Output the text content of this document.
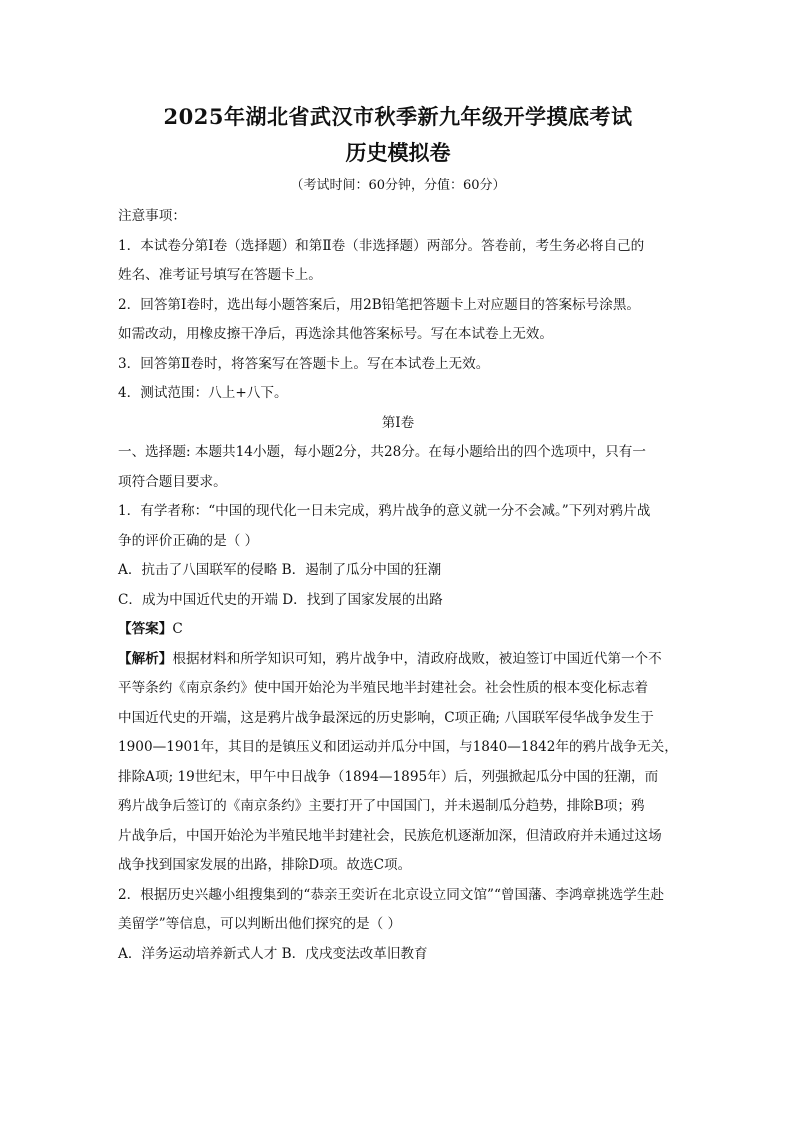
2025年湖北省武汉市秋季新九年级开学摸底考试
历史模拟卷
（考试时间：60分钟，分值：60分）

注意事项：

1．本试卷分第Ⅰ卷（选择题）和第Ⅱ卷（非选择题）两部分。答卷前，考生务必将自己的

姓名、准考证号填写在答题卡上。

2．回答第Ⅰ卷时，选出每小题答案后，用2B铅笔把答题卡上对应题目的答案标号涂黑。

如需改动，用橡皮擦干净后，再选涂其他答案标号。写在本试卷上无效。

3．回答第Ⅱ卷时，将答案写在答题卡上。写在本试卷上无效。

4．测试范围：八上+八下。

第Ⅰ卷

一、选择题: 本题共14小题，每小题2分，共28分。在每小题给出的四个选项中，只有一

项符合题目要求。

1．有学者称：“中国的现代化一日未完成，鸦片战争的意义就一分不会减。”下列对鸦片战

争的评价正确的是（ ）

A．抗击了八国联军的侵略 B．遏制了瓜分中国的狂潮

C．成为中国近代史的开端 D．找到了国家发展的出路

【答案】C

【解析】根据材料和所学知识可知，鸦片战争中，清政府战败，被迫签订中国近代第一个不

平等条约《南京条约》使中国开始沦为半殖民地半封建社会。社会性质的根本变化标志着

中国近代史的开端，这是鸦片战争最深远的历史影响，C项正确; 八国联军侵华战争发生于

1900—1901年，其目的是镇压义和团运动并瓜分中国，与1840—1842年的鸦片战争无关，

排除A项; 19世纪末，甲午中日战争（1894—1895年）后，列强掀起瓜分中国的狂潮，而

鸦片战争后签订的《南京条约》主要打开了中国国门，并未遏制瓜分趋势，排除B项；鸦

片战争后，中国开始沦为半殖民地半封建社会，民族危机逐渐加深，但清政府并未通过这场

战争找到国家发展的出路，排除D项。故选C项。

2．根据历史兴趣小组搜集到的“恭亲王奕䜣在北京设立同文馆”“曾国藩、李鸿章挑选学生赴

美留学”等信息，可以判断出他们探究的是（ ）

A．洋务运动培养新式人才 B．戊戌变法改革旧教育
